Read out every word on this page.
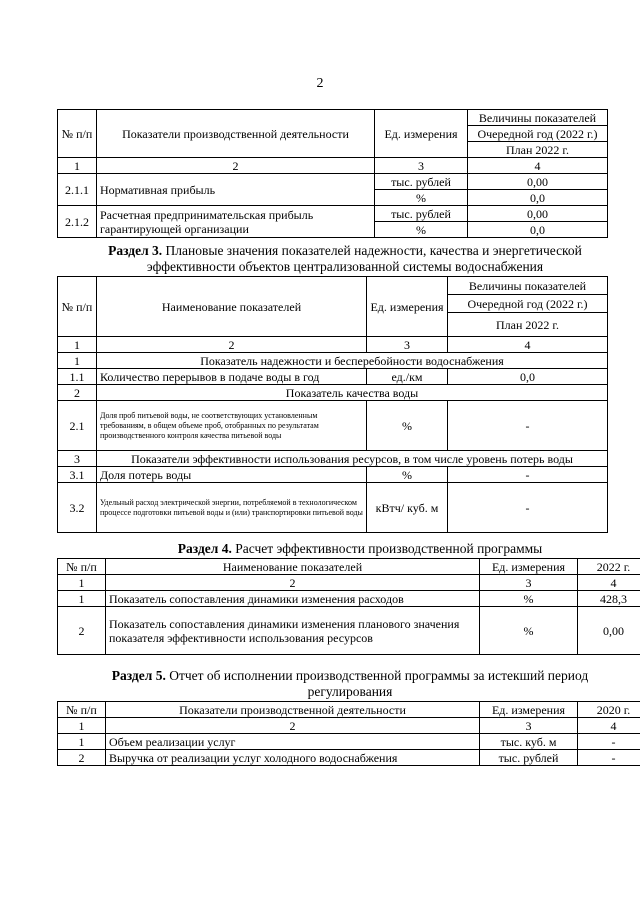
2
№ п/п	Показатели производственной деятельности	Ед. измерения	Величины показателей
			Очередной год (2022 г.)
			План 2022 г.
1	2	3	4
2.1.1	Нормативная прибыль	тыс. рублей	0,00
		%	0,0
2.1.2	Расчетная предпринимательская прибыль гарантирующей организации	тыс. рублей	0,00
		%	0,0
Раздел 3. Плановые значения показателей надежности, качества и энергетической эффективности объектов централизованной системы водоснабжения
№ п/п	Наименование показателей	Ед. измерения	Величины показателей
			Очередной год (2022 г.)
			План 2022 г.
1	2	3	4
1	Показатель надежности и бесперебойности водоснабжения		
1.1	Количество перерывов в подаче воды в год	ед./км	0,0
2	Показатель качества воды		
2.1	Доля проб питьевой воды, не соответствующих установленным требованиям, в общем объеме проб, отобранных по результатам производственного контроля качества питьевой воды	%	-
3	Показатели эффективности использования ресурсов, в том числе уровень потерь воды		
3.1	Доля потерь воды	%	-
3.2	Удельный расход электрической энергии, потребляемой в технологическом процессе подготовки питьевой воды и (или) транспортировки питьевой воды	кВтч/ куб. м	-
Раздел 4. Расчет эффективности производственной программы
№ п/п	Наименование показателей	Ед. измерения	2022 г.
1	2	3	4
1	Показатель сопоставления динамики изменения расходов	%	428,3
2	Показатель сопоставления динамики изменения планового значения показателя эффективности использования ресурсов	%	0,00
Раздел 5. Отчет об исполнении производственной программы за истекший период регулирования
№ п/п	Показатели производственной деятельности	Ед. измерения	2020 г.
1	2	3	4
1	Объем реализации услуг	тыс. куб. м	-
2	Выручка от реализации услуг холодного водоснабжения	тыс. рублей	-
